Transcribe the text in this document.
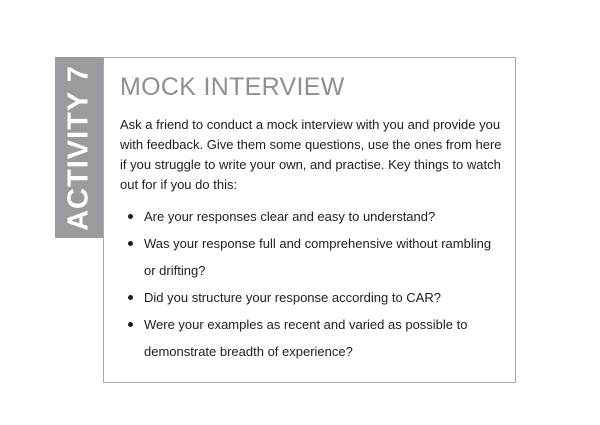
ACTIVITY 7 MOCK INTERVIEW

Ask a friend to conduct a mock interview with you and provide you with feedback. Give them some questions, use the ones from here if you struggle to write your own, and practise. Key things to watch out for if you do this:

Are your responses clear and easy to understand?
Was your response full and comprehensive without rambling or drifting?
Did you structure your response according to CAR?
Were your examples as recent and varied as possible to demonstrate breadth of experience?
